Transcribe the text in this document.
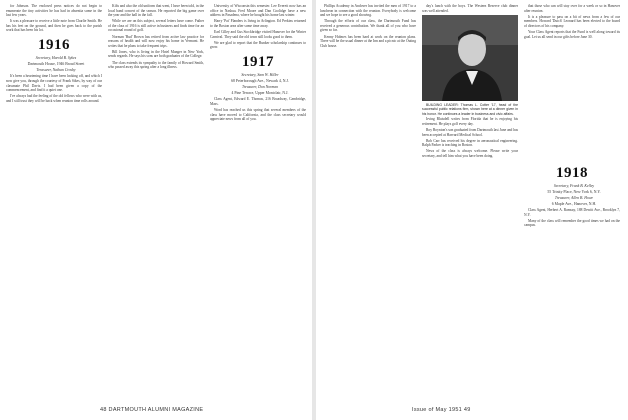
for Johnson. The enclosed press notices do not begin to enumerate the tiny activities he has had in absentia some in the last few years.

It was a pleasure to receive a little note from Charlie Smith. He has his feet on the ground, and then he goes back to the parish work that has been his lot.

1916

Secretary, Harold B. Sykes

Dartmouth House, 1946 Broad Street

Treasurer, Nathan Crosby

It's been a heartening time I have been looking off, and which I now give you, through the courtesy of Frank Sikes, by way of our classmate Phil Davis. I had been given a copy of the commencement, and find it a quiet one.

I've always had the feeling of the old fellows who were with us, and I still trust they will be back when reunion time rolls around.

Kilts and also the old uniform that went, I have been told, in the local band concert of the season. He reported the big game over the year and the ball in the fall.

While we are on this subject, several letters have come. Father of the class of 1916 is still active in business and finds time for an occasional round of golf.

Norman 'Bud' Brown has retired from active law practice for reasons of health and will now enjoy his home in Vermont. He writes that he plans to take frequent trips.

Bill Jones, who is living in the Hotel Manger in New York, sends regards. He says his sons are both graduates of the College.

The class extends its sympathy to the family of Howard Smith, who passed away this spring after a long illness.

University of Wisconsin this semester. Lee Everett now has an office in Nashua. Fred Moore and Dan Coolidge have a new address in Pasadena, where he bought his home last winter.

Harry 'Pat' Flanders is living in Arlington. Ed Perkins returned to the Boston area after some time away.

Earl Cilley and Gus Stockbridge visited Hanover for the Winter Carnival. They said the old town still looks good to them.

We are glad to report that the Bunker scholarship continues to grow.

1917

Secretary, Sam W. Hiller

68 Peterborough Ave., Newark 4, N.J.

Treasurer, Don Norman

4 Pine Terrace, Upper Montclair, N.J.

Class Agent, Edward E. Thomas, 216 Broadway, Cambridge, Mass.

Word has reached us this spring that several members of the class have moved to California, and the class secretary would appreciate news from all of you.

48 DARTMOUTH ALUMNI MAGAZINE

Phillips Academy in Andover has invited the men of 1917 to a luncheon in connection with the reunion. Everybody is welcome and we hope to see a good showing.

Through the efforts of our class, the Dartmouth Fund has received a generous contribution. We thank all of you who have given so far.

Kenny Holmes has been hard at work on the reunion plans. There will be the usual dinner at the Inn and a picnic at the Outing Club house.

day's lunch with the boys. The Western Reserve club dinner was well attended.

BUILDING LEADER: Thomas L. Cotter '17, head of the successful public relations firm, shown here at a dinner given in his honor. He continues a leader in business and civic affairs.

Irving Blaisdell writes from Florida that he is enjoying his retirement. He plays golf every day.

Roy Boynton's son graduated from Dartmouth last June and has been accepted at Harvard Medical School.

Bob Carr has received his degree in aeronautical engineering. Ralph Parker is teaching in Boston.

News of the class is always welcome. Please write your secretary, and tell him what you have been doing.

that those who can will stay over for a week or so in Hanover after reunion.

It is a pleasure to pass on a bit of news from a few of our members. Howard 'Dutch' Leonard has been elected to the board of directors of his company.

Your Class Agent reports that the Fund is well along toward its goal. Let us all send in our gifts before June 30.

1918

Secretary, Frank B. Kelley

55 Trinity Place, New York 6, N.Y.

Treasurer, Allen B. Howe

6 Maple Ave., Hanover, N.H.

Class Agent, Herbert A. Ramsay, 188 Dewitt Ave., Brooklyn 7, N.Y.

Many of the class will remember the good times we had on the campus.

Issue of May 1951 49
